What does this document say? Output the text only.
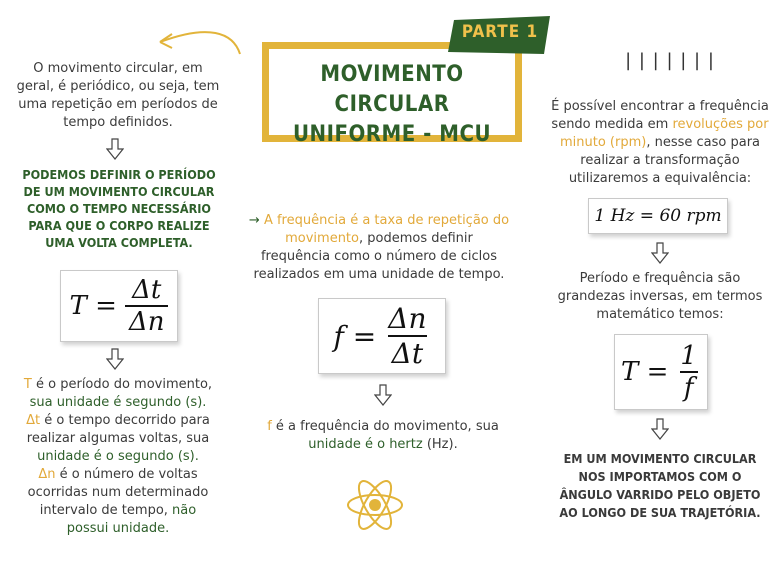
MOVIMENTO CIRCULAR
UNIFORME - MCU
PARTE 1
O movimento circular, em
geral, é periódico, ou seja, tem
uma repetição em períodos de
tempo definidos.
PODEMOS DEFINIR O PERÍODO
DE UM MOVIMENTO CIRCULAR
COMO O TEMPO NECESSÁRIO
PARA QUE O CORPO REALIZE
UMA VOLTA COMPLETA.
$T = \frac{\Delta t}{\Delta n}$
T é o período do movimento,
sua unidade é segundo (s).
Δt é o tempo decorrido para
realizar algumas voltas, sua
unidade é o segundo (s).
Δn é o número de voltas
ocorridas num determinado
intervalo de tempo, não
possui unidade.
→ A frequência é a taxa de repetição do
movimento, podemos definir
frequência como o número de ciclos
realizados em uma unidade de tempo.
$f = \frac{\Delta n}{\Delta t}$
f é a frequência do movimento, sua
unidade é o hertz (Hz).
| | | | | | |
É possível encontrar a frequência
sendo medida em revoluções por
minuto (rpm), nesse caso para
realizar a transformação
utilizaremos a equivalência:
1 Hz = 60 rpm
Período e frequência são
grandezas inversas, em termos
matemático temos:
$T = \frac{1}{f}$
EM UM MOVIMENTO CIRCULAR
NOS IMPORTAMOS COM O
ÂNGULO VARRIDO PELO OBJETO
AO LONGO DE SUA TRAJETÓRIA.
